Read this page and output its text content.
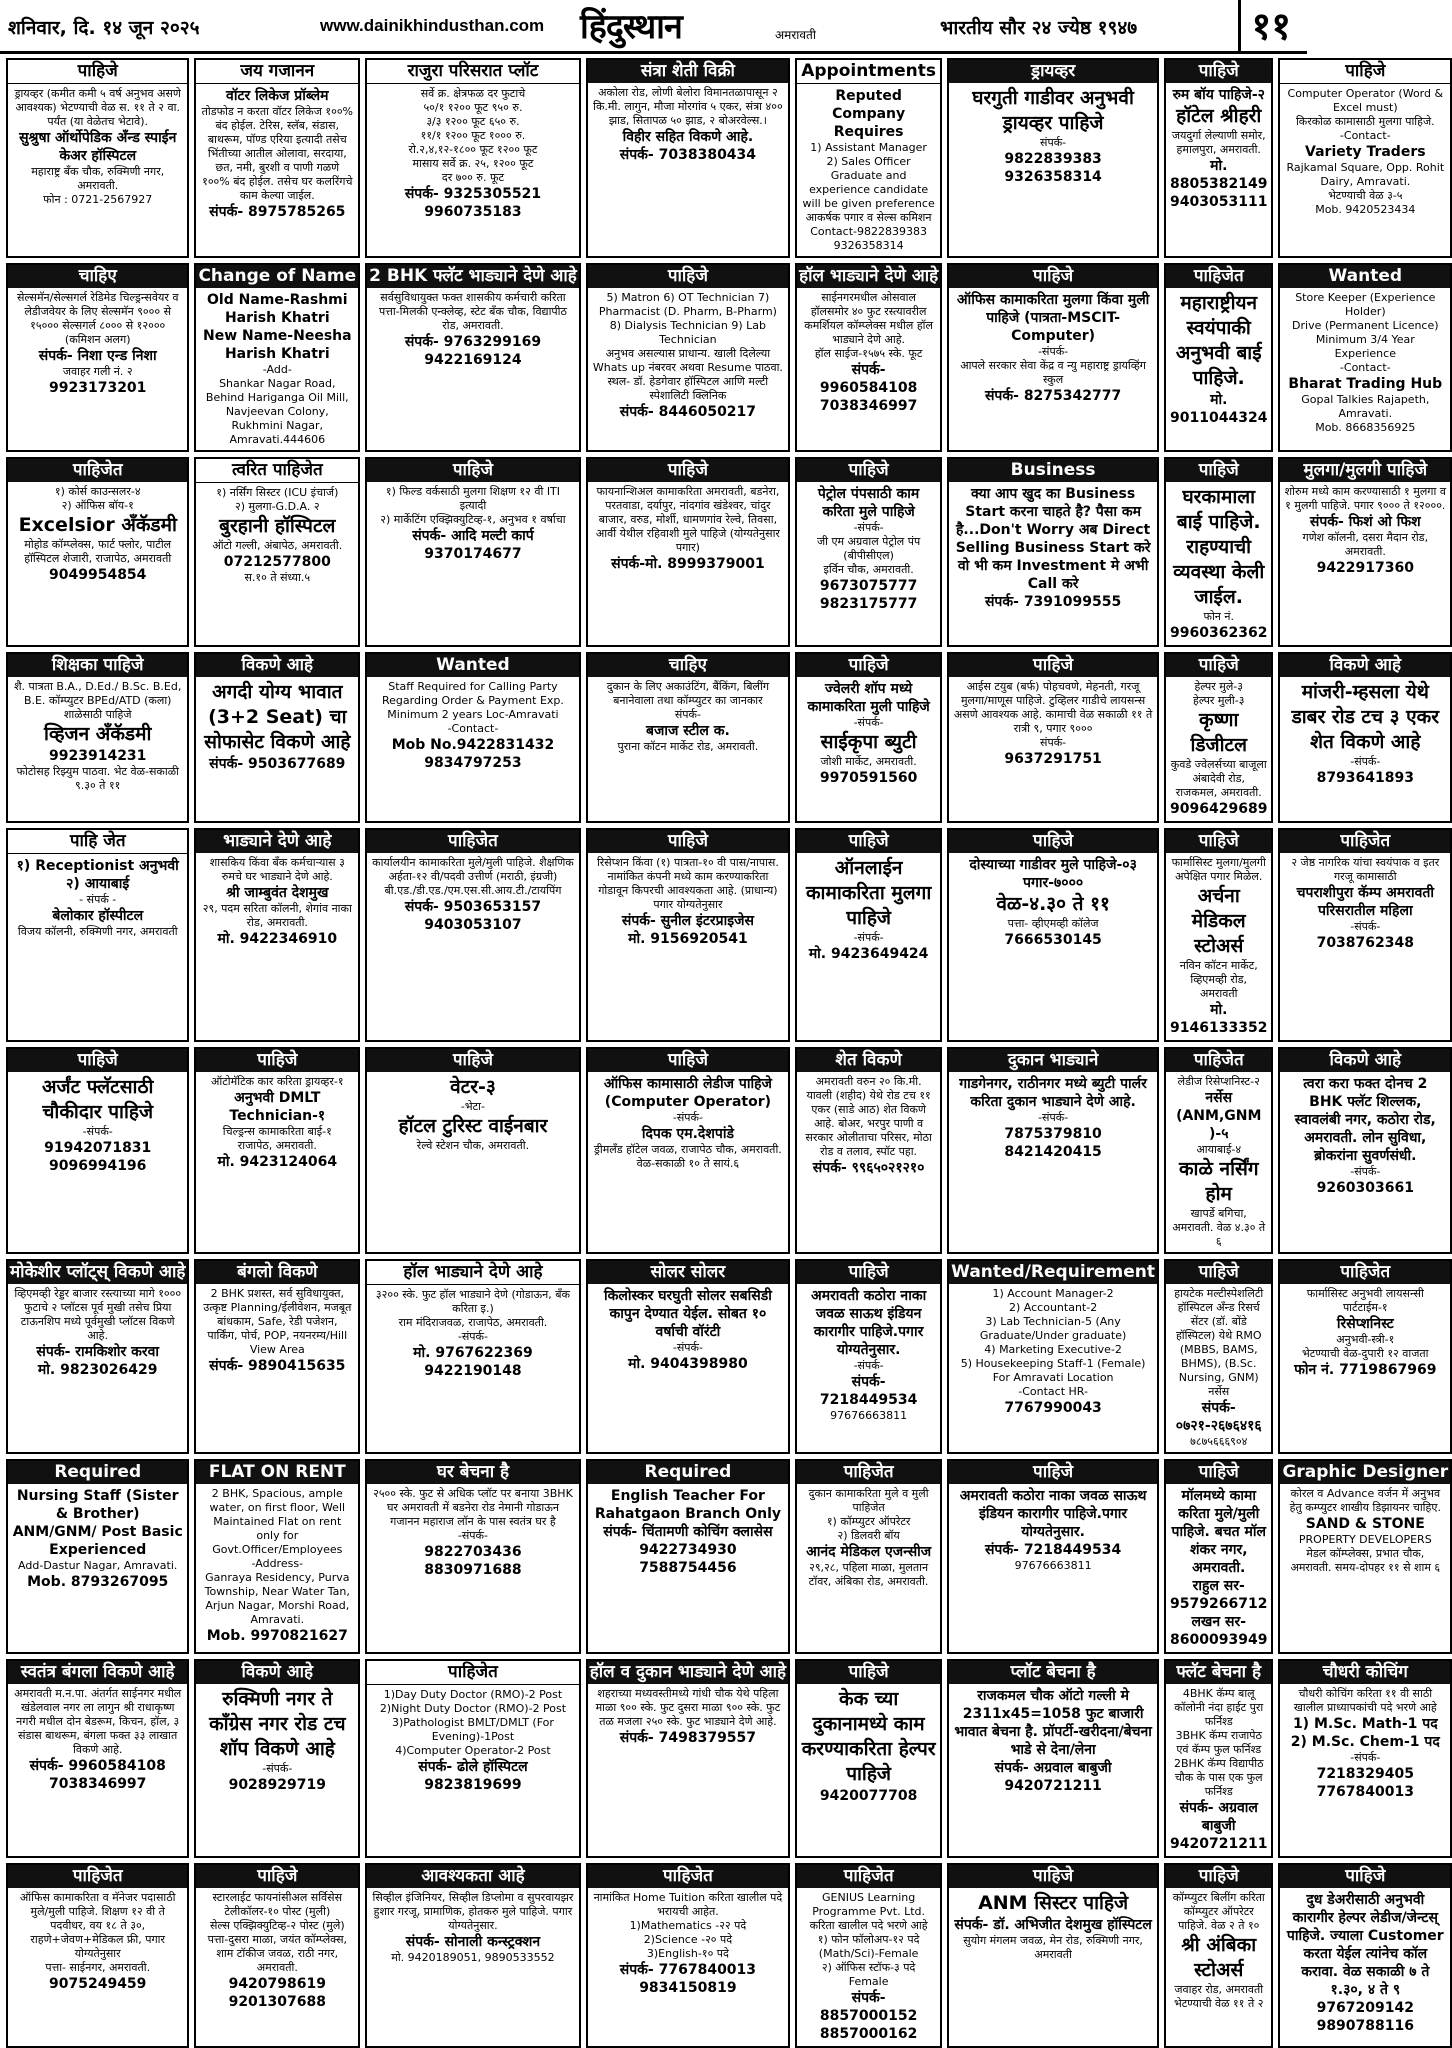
शनिवार, दि. १४ जून २०२५	www.dainikhindusthan.com हिंदुस्थान	अमरावती	भारतीय सौर २४ ज्येष्ठ १९४७	११
पाहिजे
ड्रायव्हर (कमीत कमी ५ वर्ष अनुभव असणे आवश्यक) भेटण्याची वेळ स. ११ ते २ वा. पर्यंत (या वेळेतच भेटावे).
सुश्रुषा ऑर्थोपेडिक अँन्ड स्पाईन केअर हॉस्पिटल
महाराष्ट्र बँक चौक, रुक्मिणी नगर, अमरावती.
फोन : 0721-2567927
जय गजानन
वॉटर लिकेज प्रॉब्लेम
तोडफोड न करता वॉटर लिकेज १००% बंद होईल. टेरिस, स्लॅब, संडास, बाथरूम, पॉण्ड एरिया इत्यादी तसेच भिंतीच्या आतील ओलावा, सरदाया, छत, नमी, बुरशी व पाणी गळणे १००% बंद होईल. तसेच घर कलरिंगचे काम केल्या जाईल.
संपर्क- 8975785265
राजुरा परिसरात प्लॉट
सर्वे क्र. क्षेत्रफळ दर फुटाचे
५०/१ १२०० फूट ९५० रु.
३/३ १२०० फूट ६५० रु.
११/१ १२०० फूट १००० रु.
रो.२,४,१२-१८०० फूट १२०० फूट
मासाय सर्वे क्र. २५, १२०० फूट
दर ७०० रु. फूट
संपर्क- 9325305521
9960735183
संत्रा शेती विक्री
अकोला रोड, लोणी बेलोरा विमानतळापासून २ कि.मी. लागुन, मौजा मोरगांव ५ एकर, संत्रा ४०० झाड, सितापळ ५० झाड, २ बोअरवेल्स.।
विहीर सहित विकणे आहे.
संपर्क- 7038380434
Appointments
Reputed Company Requires
1) Assistant Manager
2) Sales Officer
Graduate and experience candidate will be given preference
आकर्षक पगार व सेल्स कमिशन
Contact-9822839383
9326358314
ड्रायव्हर
घरगुती गाडीवर अनुभवी ड्रायव्हर पाहिजे
संपर्क-
9822839383
9326358314
पाहिजे
रुम बॉय पाहिजे-२
हॉटेल श्रीहरी
जयदुर्गा लेल्याणी समोर, हमालपुरा, अमरावती.
मो. 8805382149
9403053111
पाहिजे
Computer Operator (Word & Excel must)
किरकोळ कामासाठी मुलगा पाहिजे.
-Contact-
Variety Traders
Rajkamal Square, Opp. Rohit Dairy, Amravati.
भेटण्याची वेळ ३-५
Mob. 9420523434
चाहिए
सेल्समॅन/सेल्सगर्ल रेडिमेड चिल्ड्रन्सवेयर व लेडीजवेयर के लिए सेल्समॅन ९००० से १५००० सेल्सगर्ल ८००० से १२००० (कमिशन अलग)
संपर्क- निशा एन्ड निशा
जवाहर गली नं. २
9923173201
Change of Name
Old Name-Rashmi Harish Khatri
New Name-Neesha Harish Khatri
-Add-
Shankar Nagar Road, Behind Hariganga Oil Mill, Navjeevan Colony, Rukhmini Nagar, Amravati.444606
2 BHK फ्लॅट भाड्याने देणे आहे
सर्वसुविधायुक्त फक्त शासकीय कर्मचारी करिता
पत्ता-मिलकी एन्क्लेव्ह, स्टेट बँक चौक, विद्यापीठ रोड, अमरावती.
संपर्क- 9763299169
9422169124
पाहिजे
5) Matron 6) OT Technician 7) Pharmacist (D. Pharm, B-Pharm) 8) Dialysis Technician 9) Lab Technician
अनुभव असल्यास प्राधान्य. खाली दिलेल्या Whats up नंबरवर अथवा Resume पाठवा.
स्थल- डॉ. हेडगेवार हॉस्पिटल आणि मल्टी स्पेशालिटी क्लिनिक
संपर्क- 8446050217
हॉल भाड्याने देणे आहे
साईनगरमधील ओसवाल हॉलसमोर ४० फुट रस्त्यावरील कमर्शियल कॉम्प्लेक्स मधील हॉल भाड्याने देणे आहे.
हॉल साईज-१५७५ स्के. फूट
संपर्क- 9960584108
7038346997
पाहिजे
ऑफिस कामाकरिता मुलगा किंवा मुली पाहिजे (पात्रता-MSCIT-Computer)
-संपर्क-
आपले सरकार सेवा केंद्र व न्यु महाराष्ट्र ड्रायव्हिंग स्कुल
संपर्क- 8275342777
पाहिजेत
महाराष्ट्रीयन स्वयंपाकी अनुभवी बाई पाहिजे.
मो. 9011044324
Wanted
Store Keeper (Experience Holder)
Drive (Permanent Licence) Minimum 3/4 Year Experience
-Contact-
Bharat Trading Hub
Gopal Talkies Rajapeth, Amravati.
Mob. 8668356925
पाहिजेत
१) कोर्स काउन्सलर-४
२) ऑफिस बॉय-१
Excelsior अँकॅडमी
मोहोड कॉम्प्लेक्स, फार्ट फ्लोर, पाटील हॉस्पिटल शेजारी, राजापेठ, अमरावती
9049954854
त्वरित पाहिजेत
१) नर्सिंग सिस्टर (ICU इंचार्ज)
२) मुलगा-G.D.A. २
बुरहानी हॉस्पिटल
ऑटो गल्ली, अंबापेठ, अमरावती.
07212577800
स.१० ते संध्या.५
पाहिजे
१) फिल्ड वर्कसाठी मुलगा शिक्षण १२ वी ITI इत्यादी
२) मार्केटिंग एक्झिक्युटिव्ह-१, अनुभव १ वर्षाचा
संपर्क- आदि मल्टी कार्प
9370174677
पाहिजे
फायनान्शिअल कामाकरिता अमरावती, बडनेरा, परतवाडा, दर्यापुर, नांदगांव खंडेश्वर, चांदुर बाजार, वरुड, मोर्शी, धामणगांव रेल्वे, तिवसा, आर्वी येथील रहिवाशी मुले पाहिजे (योग्यतेनुसार पगार)
संपर्क-मो. 8999379001
पाहिजे
पेट्रोल पंपसाठी काम करिता मुले पाहिजे
-संपर्क-
जी एम अग्रवाल पेट्रोल पंप (बीपीसीएल)
इर्विन चौक, अमरावती.
9673075777
9823175777
Business
क्या आप खुद का Business Start करना चाहते है? पैसा कम है...Don't Worry अब Direct Selling Business Start करे वो भी कम Investment मे अभी Call करे
संपर्क- 7391099555
पाहिजे
घरकामाला बाई पाहिजे. राहण्याची व्यवस्था केली जाईल.
फोन नं.
9960362362
मुलगा/मुलगी पाहिजे
शोरुम मध्ये काम करण्यासाठी १ मुलगा व १ मुलगी पाहिजे. पगार ९००० ते १२०००.
संपर्क- फिशं ओ फिश
गणेश कॉलनी, दसरा मैदान रोड, अमरावती.
9422917360
शिक्षका पाहिजे
शै. पात्रता B.A., D.Ed./ B.Sc. B.Ed, B.E. कॉम्प्युटर BPEd/ATD (कला) शाळेसाठी पाहिजे
व्हिजन अँकॅडमी
9923914231
फोटोसह रिझ्युम पाठवा. भेट वेळ-सकाळी ९.३० ते ११
विकणे आहे
अगदी योग्य भावात (3+2 Seat) चा सोफासेट विकणे आहे
संपर्क- 9503677689
Wanted
Staff Required for Calling Party Regarding Order & Payment Exp. Minimum 2 years Loc-Amravati
-Contact-
Mob No.9422831432
9834797253
चाहिए
दुकान के लिए अकाउंटिंग, बैंकिंग, बिलींग बनानेवाला तथा कॉम्प्युटर का जानकार
संपर्क-
बजाज स्टील क.
पुराना कॉटन मार्केट रोड, अमरावती.
पाहिजे
ज्वेलरी शॉप मध्ये कामाकरिता मुली पाहिजे
-संपर्क-
साईकृपा ब्युटी
जोशी मार्केट, अमरावती.
9970591560
पाहिजे
आईस टयुब (बर्फ) पोहचवणे, मेहनती, गरजू मुलगा/माणूस पाहिजे. टुव्हिलर गाडीचे लायसन्स असणे आवश्यक आहे. कामाची वेळ सकाळी ११ ते रात्री ९, पगार ९०००
संपर्क-
9637291751
पाहिजे
हेल्पर मुले-३
हेल्पर मुली-३
कृष्णा डिजीटल
कुवडे ज्वेलर्सच्या बाजूला अंबादेवी रोड, राजकमल, अमरावती.
9096429689
विकणे आहे
मांजरी-म्हसला येथे डाबर रोड टच ३ एकर शेत विकणे आहे
-संपर्क-
8793641893
पाहि जेत
१) Receptionist अनुभवी
२) आयाबाई
- संपर्क -
बेलोकार हॉस्पीटल
विजय कॉलनी, रुक्मिणी नगर, अमरावती
भाड्याने देणे आहे
शासकिय किंवा बँक कर्मचाऱ्यास ३ रुमचे घर भाड्याने देणे आहे.
श्री जाम्बुवंत देशमुख
२९, पदम सरिता कॉलनी, शेगांव नाका रोड, अमरावती.
मो. 9422346910
पाहिजेत
कार्यालयीन कामाकरिता मुले/मुली पाहिजे. शैक्षणिक अर्हता-१२ वी/पदवी उत्तीर्ण (मराठी, इंग्रजी) बी.एड./डी.एड./एम.एस.सी.आय.टी./टायपिंग
संपर्क- 9503653157
9403053107
पाहिजे
रिसेप्शन किंवा (१) पात्रता-१० वी पास/नापास. नामांकित कंपनी मध्ये काम करण्याकरिता गोडावून किपरची आवश्यकता आहे. (प्राधान्य) पगार योग्यतेनुसार
संपर्क- सुनील इंटरप्राइजेस
मो. 9156920541
पाहिजे
ऑनलाईन कामाकरिता मुलगा पाहिजे
-संपर्क-
मो. 9423649424
पाहिजे
दोस्याच्या गाडीवर मुले पाहिजे-०३
पगार-७०००
वेळ-४.३० ते ११
पत्ता- व्हीएमव्ही कॉलेज
7666530145
पाहिजे
फार्मासिस्ट मुलगा/मुलगी अपेक्षित पगार मिळेल.
अर्चना मेडिकल स्टोअर्स
नविन कॉटन मार्केट, व्हिएमव्ही रोड, अमरावती
मो. 9146133352
पाहिजेत
२ जेष्ठ नागरिक यांचा स्वयंपाक व इतर गरजू कामासाठी
चपराशीपुरा कॅम्प अमरावती परिसरातील महिला
-संपर्क-
7038762348
पाहिजे
अर्जंट फ्लॅटसाठी चौकीदार पाहिजे
-संपर्क-
9194207183​1
9096994196
पाहिजे
ऑटोमॅटिक कार करिता ड्रायव्हर-१
अनुभवी DMLT Technician-१
चिल्ड्रन्स कामाकरिता बाई-१
राजापेठ, अमरावती.
मो. 9423124064
पाहिजे
वेटर-३
-भेटा-
हॉटल टुरिस्ट वाईनबार
रेल्वे स्टेशन चौक, अमरावती.
पाहिजे
ऑफिस कामासाठी लेडीज पाहिजे (Computer Operator)
-संपर्क-
दिपक एम.देशपांडे
ड्रीमलँड हॉटेल जवळ, राजापेठ चौक, अमरावती.
वेळ-सकाळी १० ते सायं.६
शेत विकणे
अमरावती वरुन २० कि.मी. यावली (शहीद) येथे रोड टच ११ एकर (साडे आठ) शेत विकणे आहे. बोअर, भरपुर पाणी व सरकार ओलीताचा परिसर, मोठा रोड व तलाव, स्पॉट पहा.
संपर्क- ९९६५०२१२१०
दुकान भाड्याने
गाडगेनगर, राठीनगर मध्ये ब्युटी पार्लर करिता दुकान भाड्याने देणे आहे.
-संपर्क-
7875379810
8421420415
पाहिजेत
लेडीज रिसेप्शनिस्ट-२
नर्सेस (ANM,GNM )-५
आयाबाई-४
काळे नर्सिंग होम
खापर्डे बगिचा, अमरावती. वेळ ४.३० ते ६
विकणे आहे
त्वरा करा फक्त दोनच 2 BHK फ्लॅट शिल्लक, स्वावलंबी नगर, कठोरा रोड, अमरावती. लोन सुविधा, ब्रोकरांना सुवर्णसंधी.
-संपर्क-
9260303661
मोकेशीर प्लॉट्स् विकणे आहे
व्हिएमव्ही रेड्डर बाजार रस्त्याच्या मागे १००० फुटाचे २ प्लॉटस पूर्व मुखी तसेच प्रिया टाऊनशिप मध्ये पूर्वमुखी प्लॉटस विकणे आहे.
संपर्क- रामकिशोर करवा
मो. 9823026429
बंगलो विकणे
2 BHK प्रशस्त, सर्व सुविधायुक्त, उत्कृष्ट Planning/ईलीवेशन, मजबूत बांधकाम, Safe, रेडी पजेशन, पार्किंग, पोर्च, POP, नयनरम्य/Hill View Area
संपर्क- 9890415635
हॉल भाड्याने देणे आहे
३२०० स्के. फुट हॉल भाड्याने देणे (गोडाऊन, बँक करिता इ.)
राम मंदिराजवळ, राजापेठ, अमरावती.
-संपर्क-
मो. 9767622369
9422190148
सोलर सोलर
किलोस्कर घरघुती सोलर सबसिडी कापुन देण्यात येईल. सोबत १० वर्षाची वॉरंटी
-संपर्क-
मो. 9404398980
पाहिजे
अमरावती कठोरा नाका जवळ साऊथ इंडियन कारागीर पाहिजे.पगार योग्यतेनुसार.
-संपर्क-
संपर्क- 7218449534
97676663811
Wanted/Requirement
1) Account Manager-2
2) Accountant-2
3) Lab Technician-5 (Any Graduate/Under graduate)
4) Marketing Executive-2
5) Housekeeping Staff-1 (Female)
For Amravati Location
-Contact HR-
7767990043
पाहिजे
हायटेक मल्टीस्पेशलिटी हॉस्पिटल अँन्ड रिसर्च सेंटर (डॉ. बोंडे हॉस्पिटल) येथे RMO (MBBS, BAMS, BHMS), (B.Sc. Nursing, GNM) नर्सेस
संपर्क- ०७२१-२६७६४१६
७८७५६६६९०४
पाहिजेत
फार्मासिस्ट अनुभवी लायसन्सी पार्टटाईम-१
रिसेप्शनिस्ट
अनुभवी-स्त्री-१
भेटण्याची वेळ-दुपारी १२ वाजता
फोन नं. 7719867969
Required
Nursing Staff (Sister & Brother) ANM/GNM/ Post Basic Experienced
Add-Dastur Nagar, Amravati.
Mob. 8793267095
FLAT ON RENT
2 BHK, Spacious, ample water, on first floor, Well Maintained Flat on rent only for Govt.Officer/Employees
-Address-
Ganraya Residency, Purva Township, Near Water Tan, Arjun Nagar, Morshi Road, Amravati.
Mob. 9970821627
घर बेचना है
२५०० स्के. फुट से अधिक प्लॉट पर बनाया 3BHK घर अमरावती में बडनेरा रोड नेमानी गोडाऊन गजानन महाराज लॉन के पास स्वतंत्र घर है
-संपर्क-
9822703436
8830971688
Required
English Teacher For Rahatgaon Branch Only
संपर्क- चिंतामणी कोचिंग क्लासेस
9422734930
7588754456
पाहिजेत
दुकान कामाकरिता मुले व मुली पाहिजेत
१) कॉम्प्युटर ऑपरेटर
२) डिलवरी बॉय
आनंद मेडिकल एजन्सीज
२९,२८, पहिला माळा, मुलतान टॉवर, अंबिका रोड, अमरावती.
पाहिजे
अमरावती कठोरा नाका जवळ साऊथ इंडियन कारागीर पाहिजे.पगार योग्यतेनुसार.
संपर्क- 7218449534
97676663811
पाहिजे
मॉलमध्ये कामा करिता मुले/मुली पाहिजे. बचत मॉल शंकर नगर, अमरावती.
राहुल सर- 9579266712
लखन सर- 8600093949
Graphic Designer
कोरल व Advance वर्जन में अनुभव हेतु कम्प्युटर शाखीय डिझायनर चाहिए.
SAND & STONE
PROPERTY DEVELOPERS
मेडल कॉम्प्लेक्स, प्रभात चौक, अमरावती. समय-दोपहर ११ से शाम ६
स्वतंत्र बंगला विकणे आहे
अमरावती म.न.पा. अंतर्गत साईनगर मधील खंडेलवाल नगर ला लागुन श्री राधाकृष्ण नगरी मधील दोन बेडरूम, किचन, हॉल, ३ संडास बाथरूम, बंगला फक्त ३३ लाखात विकणे आहे.
संपर्क- 9960584108
7038346997
विकणे आहे
रुक्मिणी नगर ते काँग्रेस नगर रोड टच शॉप विकणे आहे
-संपर्क-
9028929719
पाहिजेत
1)Day Duty Doctor (RMO)-2 Post
2)Night Duty Doctor (RMO)-2 Post
3)Pathologist BMLT/DMLT (For Evening)-1Post
4)Computer Operator-2 Post
संपर्क- ढोले हॉस्पिटल
9823819699
हॉल व दुकान भाड्याने देणे आहे
शहराच्या मध्यवस्तीमध्ये गांधी चौक येथे पहिला माळा ९०० स्के. फुट दुसरा माळा ९०० स्के. फुट तळ मजला २५० स्के. फुट भाड्याने देणे आहे.
संपर्क- 7498379557
पाहिजे
केक च्या दुकानामध्ये काम करण्याकरिता हेल्पर पाहिजे
9420077708
प्लॉट बेचना है
राजकमल चौक ऑटो गल्ली मे 2311x45=1058 फुट बाजारी भावात बेचना है. प्रॉपर्टी-खरीदना/बेचना भाडे से देना/लेना
संपर्क- अग्रवाल बाबुजी
9420721211
फ्लॅट बेचना है
4BHK कॅम्प बालू कॉलोनी नंदा हाईट पुरा फर्निश्ड
3BHK कॅम्प राजापेठ एवं कॅम्प फुल फर्निश्ड
2BHK कॅम्प विद्यापीठ चौक के पास एक फुल फर्निश्ड
संपर्क- अग्रवाल बाबुजी
9420721211
चौधरी कोचिंग
चौधरी कोचिंग करिता ११ वी साठी खालील प्राध्यापकांची पदे भरणे आहे
1) M.Sc. Math-1 पद
2) M.Sc. Chem-1 पद
-संपर्क-
7218329405
7767840013
पाहिजेत
ऑफिस कामाकरिता व मॅनेजर पदासाठी मुले/मुली पाहिजे. शिक्षण १२ वी ते पदवीधर, वय १८ ते ३०, राहणे+जेवण+मेडिकल फ्री, पगार योग्यतेनुसार
पत्ता- साईनगर, अमरावती.
9075249459
पाहिजे
स्टारलाईट फायनांसीअल सर्विसेस
टेलीकॉलर-१० पोस्ट (मुली)
सेल्स एक्झिक्युटिव्ह-२ पोस्ट (मुले)
पत्ता-दुसरा माळा, जयंत कॉम्प्लेक्स, शाम टॉकीज जवळ, राठी नगर, अमरावती.
9420798619
9201307688
आवश्यकता आहे
सिव्हील इंजिनियर, सिव्हील डिप्लोमा व सुपरवायझर हुशार गरजू, प्रामाणिक, होतकरु मुले पाहिजे. पगार योग्यतेनुसार.
संपर्क- सोनाली कन्स्ट्रक्शन
मो. 9420189051, 9890533552
पाहिजेत
नामांकित Home Tuition करिता खालील पदे भरायची आहेत.
1)Mathematics -२२ पदे
2)Science -२० पदे
3)English-१० पदे
संपर्क- 7767840013
9834150819
पाहिजेत
GENIUS Learning Programme Pvt. Ltd.
करिता खालील पदे भरणे आहे
१) फोन फॉलोअप-१२ पदे (Math/Sci)-Female
२) ऑफिस स्टॉफ-३ पदे Female
संपर्क- 8857000152
8857000162
पाहिजे
ANM सिस्टर पाहिजे
संपर्क- डॉ. अभिजीत देशमुख हॉस्पिटल
सुयोग मंगलम जवळ, मेन रोड, रुक्मिणी नगर, अमरावती
पाहिजे
कॉम्प्युटर बिलींग करिता कॉम्प्युटर ऑपरेटर पाहिजे. वेळ २ ते १०
श्री अंबिका स्टोअर्स
जवाहर रोड, अमरावती
भेटण्याची वेळ ११ ते २
पाहिजे
दुध डेअरीसाठी अनुभवी कारागीर हेल्पर लेडीज/जेन्टस् पाहिजे. ज्याला Customer करता येईल त्यांनेच कॉल करावा. वेळ सकाळी ७ ते १.३०, ४ ते ९
9767209142
9890788116
